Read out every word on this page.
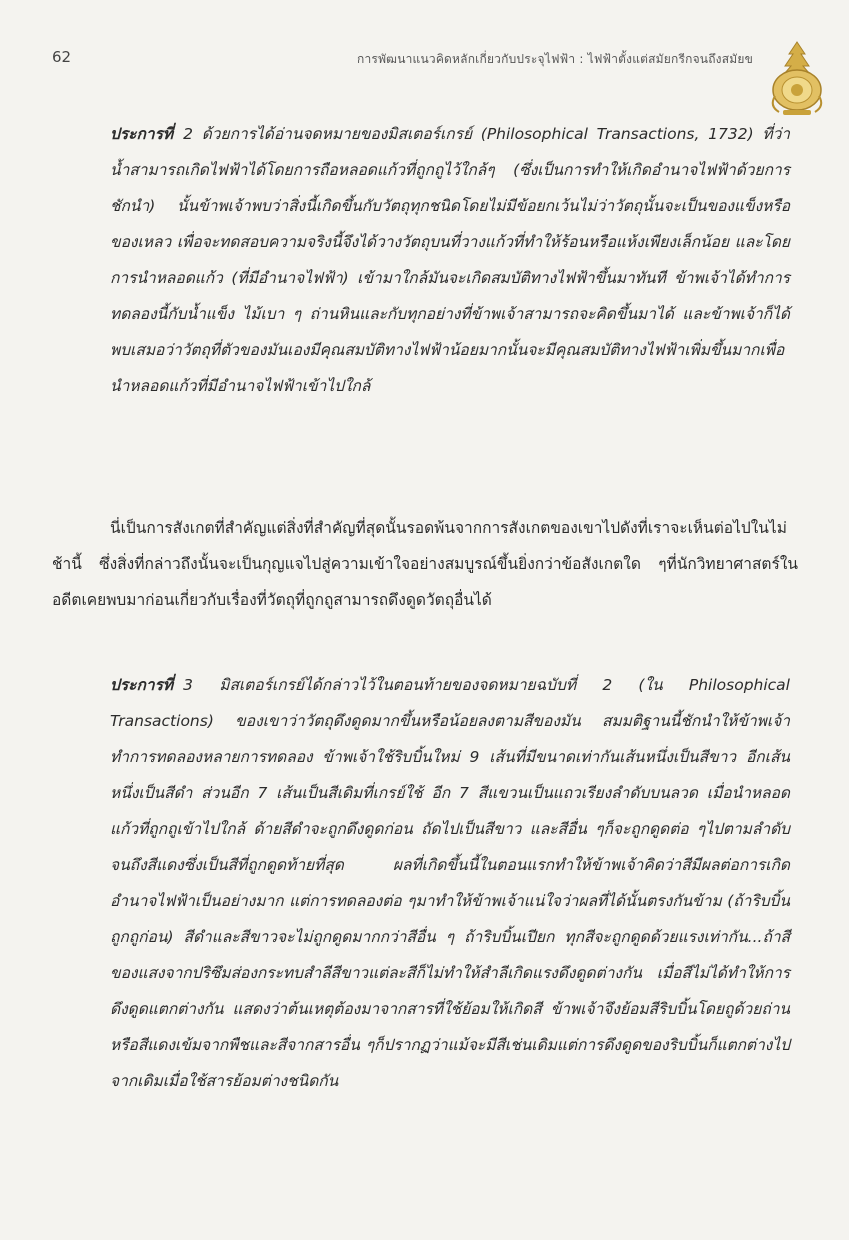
62	การพัฒนาแนวคิดหลักเกี่ยวกับประจุไฟฟ้า : ไฟฟ้าตั้งแต่สมัยกรีกจนถึงสมัยข

ประการที่ 2 ด้วยการได้อ่านจดหมายของมิสเตอร์เกรย์ (Philosophical Transactions, 1732) ที่ว่าน้ำสามารถเกิดไฟฟ้าได้โดยการถือหลอดแก้วที่ถูกถูไว้ใกล้ๆ (ซึ่งเป็นการทำให้เกิดอำนาจไฟฟ้าด้วยการชักนำ) นั้นข้าพเจ้าพบว่าสิ่งนี้เกิดขึ้นกับวัตถุทุกชนิดโดยไม่มีข้อยกเว้นไม่ว่าวัตถุนั้นจะเป็นของแข็งหรือของเหลว เพื่อจะทดสอบความจริงนี้จึงได้วางวัตถุบนที่วางแก้วที่ทำให้ร้อนหรือแห้งเพียงเล็กน้อย และโดยการนำหลอดแก้ว (ที่มีอำนาจไฟฟ้า) เข้ามาใกล้มันจะเกิดสมบัติทางไฟฟ้าขึ้นมาทันที ข้าพเจ้าได้ทำการทดลองนี้กับน้ำแข็ง ไม้เบา ๆ ถ่านหินและกับทุกอย่างที่ข้าพเจ้าสามารถจะคิดขึ้นมาได้ และข้าพเจ้าก็ได้พบเสมอว่าวัตถุที่ตัวของมันเองมีคุณสมบัติทางไฟฟ้าน้อยมากนั้นจะมีคุณสมบัติทางไฟฟ้าเพิ่มขึ้นมากเพื่อนำหลอดแก้วที่มีอำนาจไฟฟ้าเข้าไปใกล้

นี่เป็นการสังเกตที่สำคัญแต่สิ่งที่สำคัญที่สุดนั้นรอดพ้นจากการสังเกตของเขาไปดังที่เราจะเห็นต่อไปในไม่ช้านี้ ซึ่งสิ่งที่กล่าวถึงนั้นจะเป็นกุญแจไปสู่ความเข้าใจอย่างสมบูรณ์ขึ้นยิ่งกว่าข้อสังเกตใด ๆที่นักวิทยาศาสตร์ในอดีตเคยพบมาก่อนเกี่ยวกับเรื่องที่วัตถุที่ถูกถูสามารถดึงดูดวัตถุอื่นได้

ประการที่ 3 มิสเตอร์เกรย์ได้กล่าวไว้ในตอนท้ายของจดหมายฉบับที่ 2 (ใน Philosophical Transactions) ของเขาว่าวัตถุดึงดูดมากขึ้นหรือน้อยลงตามสีของมัน สมมติฐานนี้ชักนำให้ข้าพเจ้าทำการทดลองหลายการทดลอง ข้าพเจ้าใช้ริบบิ้นใหม่ 9 เส้นที่มีขนาดเท่ากันเส้นหนึ่งเป็นสีขาว อีกเส้นหนึ่งเป็นสีดำ ส่วนอีก 7 เส้นเป็นสีเดิมที่เกรย์ใช้ อีก 7 สีแขวนเป็นแถวเรียงลำดับบนลวด เมื่อนำหลอดแก้วที่ถูกถูเข้าไปใกล้ ด้ายสีดำจะถูกดึงดูดก่อน ถัดไปเป็นสีขาว และสีอื่น ๆก็จะถูกดูดต่อ ๆไปตามลำดับ จนถึงสีแดงซึ่งเป็นสีที่ถูกดูดท้ายที่สุด ผลที่เกิดขึ้นนี้ในตอนแรกทำให้ข้าพเจ้าคิดว่าสีมีผลต่อการเกิดอำนาจไฟฟ้าเป็นอย่างมาก แต่การทดลองต่อ ๆมาทำให้ข้าพเจ้าแน่ใจว่าผลที่ได้นั้นตรงกันข้าม (ถ้าริบบิ้นถูกถูก่อน) สีดำและสีขาวจะไม่ถูกดูดมากกว่าสีอื่น ๆ ถ้าริบบิ้นเปียก ทุกสีจะถูกดูดด้วยแรงเท่ากัน...ถ้าสีของแสงจากปริซึมส่องกระทบสำลีสีขาวแต่ละสีก็ไม่ทำให้สำลีเกิดแรงดึงดูดต่างกัน เมื่อสีไม่ได้ทำให้การดึงดูดแตกต่างกัน แสดงว่าต้นเหตุต้องมาจากสารที่ใช้ย้อมให้เกิดสี ข้าพเจ้าจึงย้อมสีริบบิ้นโดยถูด้วยถ่านหรือสีแดงเข้มจากพืชและสีจากสารอื่น ๆก็ปรากฏว่าแม้จะมีสีเช่นเดิมแต่การดึงดูดของริบบิ้นก็แตกต่างไปจากเดิมเมื่อใช้สารย้อมต่างชนิดกัน
